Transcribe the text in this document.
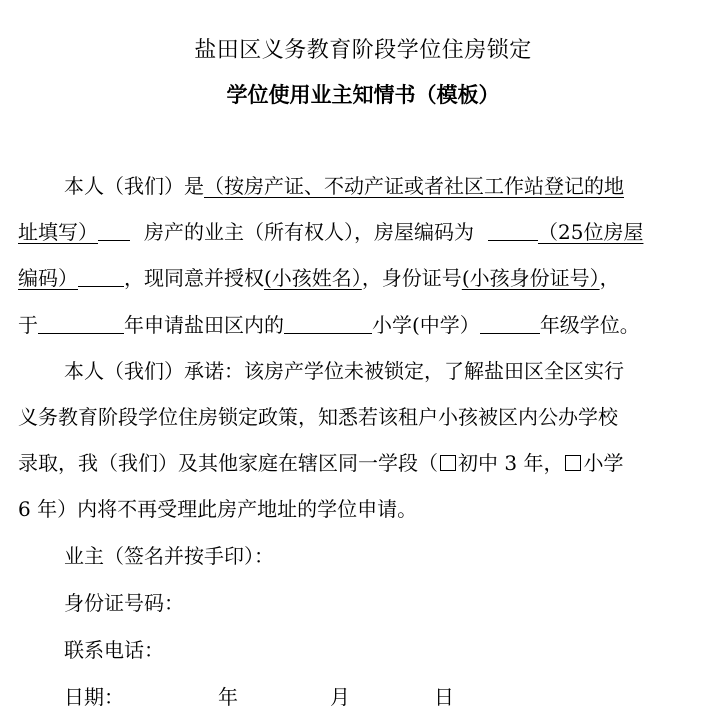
盐田区义务教育阶段学位住房锁定
学位使用业主知情书（模板）
本人（我们）是（按房产证、不动产证或者社区工作站登记的地
址填写） 房产的业主（所有权人），房屋编码为	（25位房屋
编码） ，现同意并授权(小孩姓名），身份证号(小孩身份证号），
于	年申请盐田区内的	小学(中学）	年级学位。
本人（我们）承诺：该房产学位未被锁定，了解盐田区全区实行
义务教育阶段学位住房锁定政策，知悉若该租户小孩被区内公办学校
录取，我（我们）及其他家庭在辖区同一学段（ 初中 3 年， 小学
6 年）内将不再受理此房产地址的学位申请。
业主（签名并按手印）：
身份证号码：
联系电话：
日期：	年	月	日
